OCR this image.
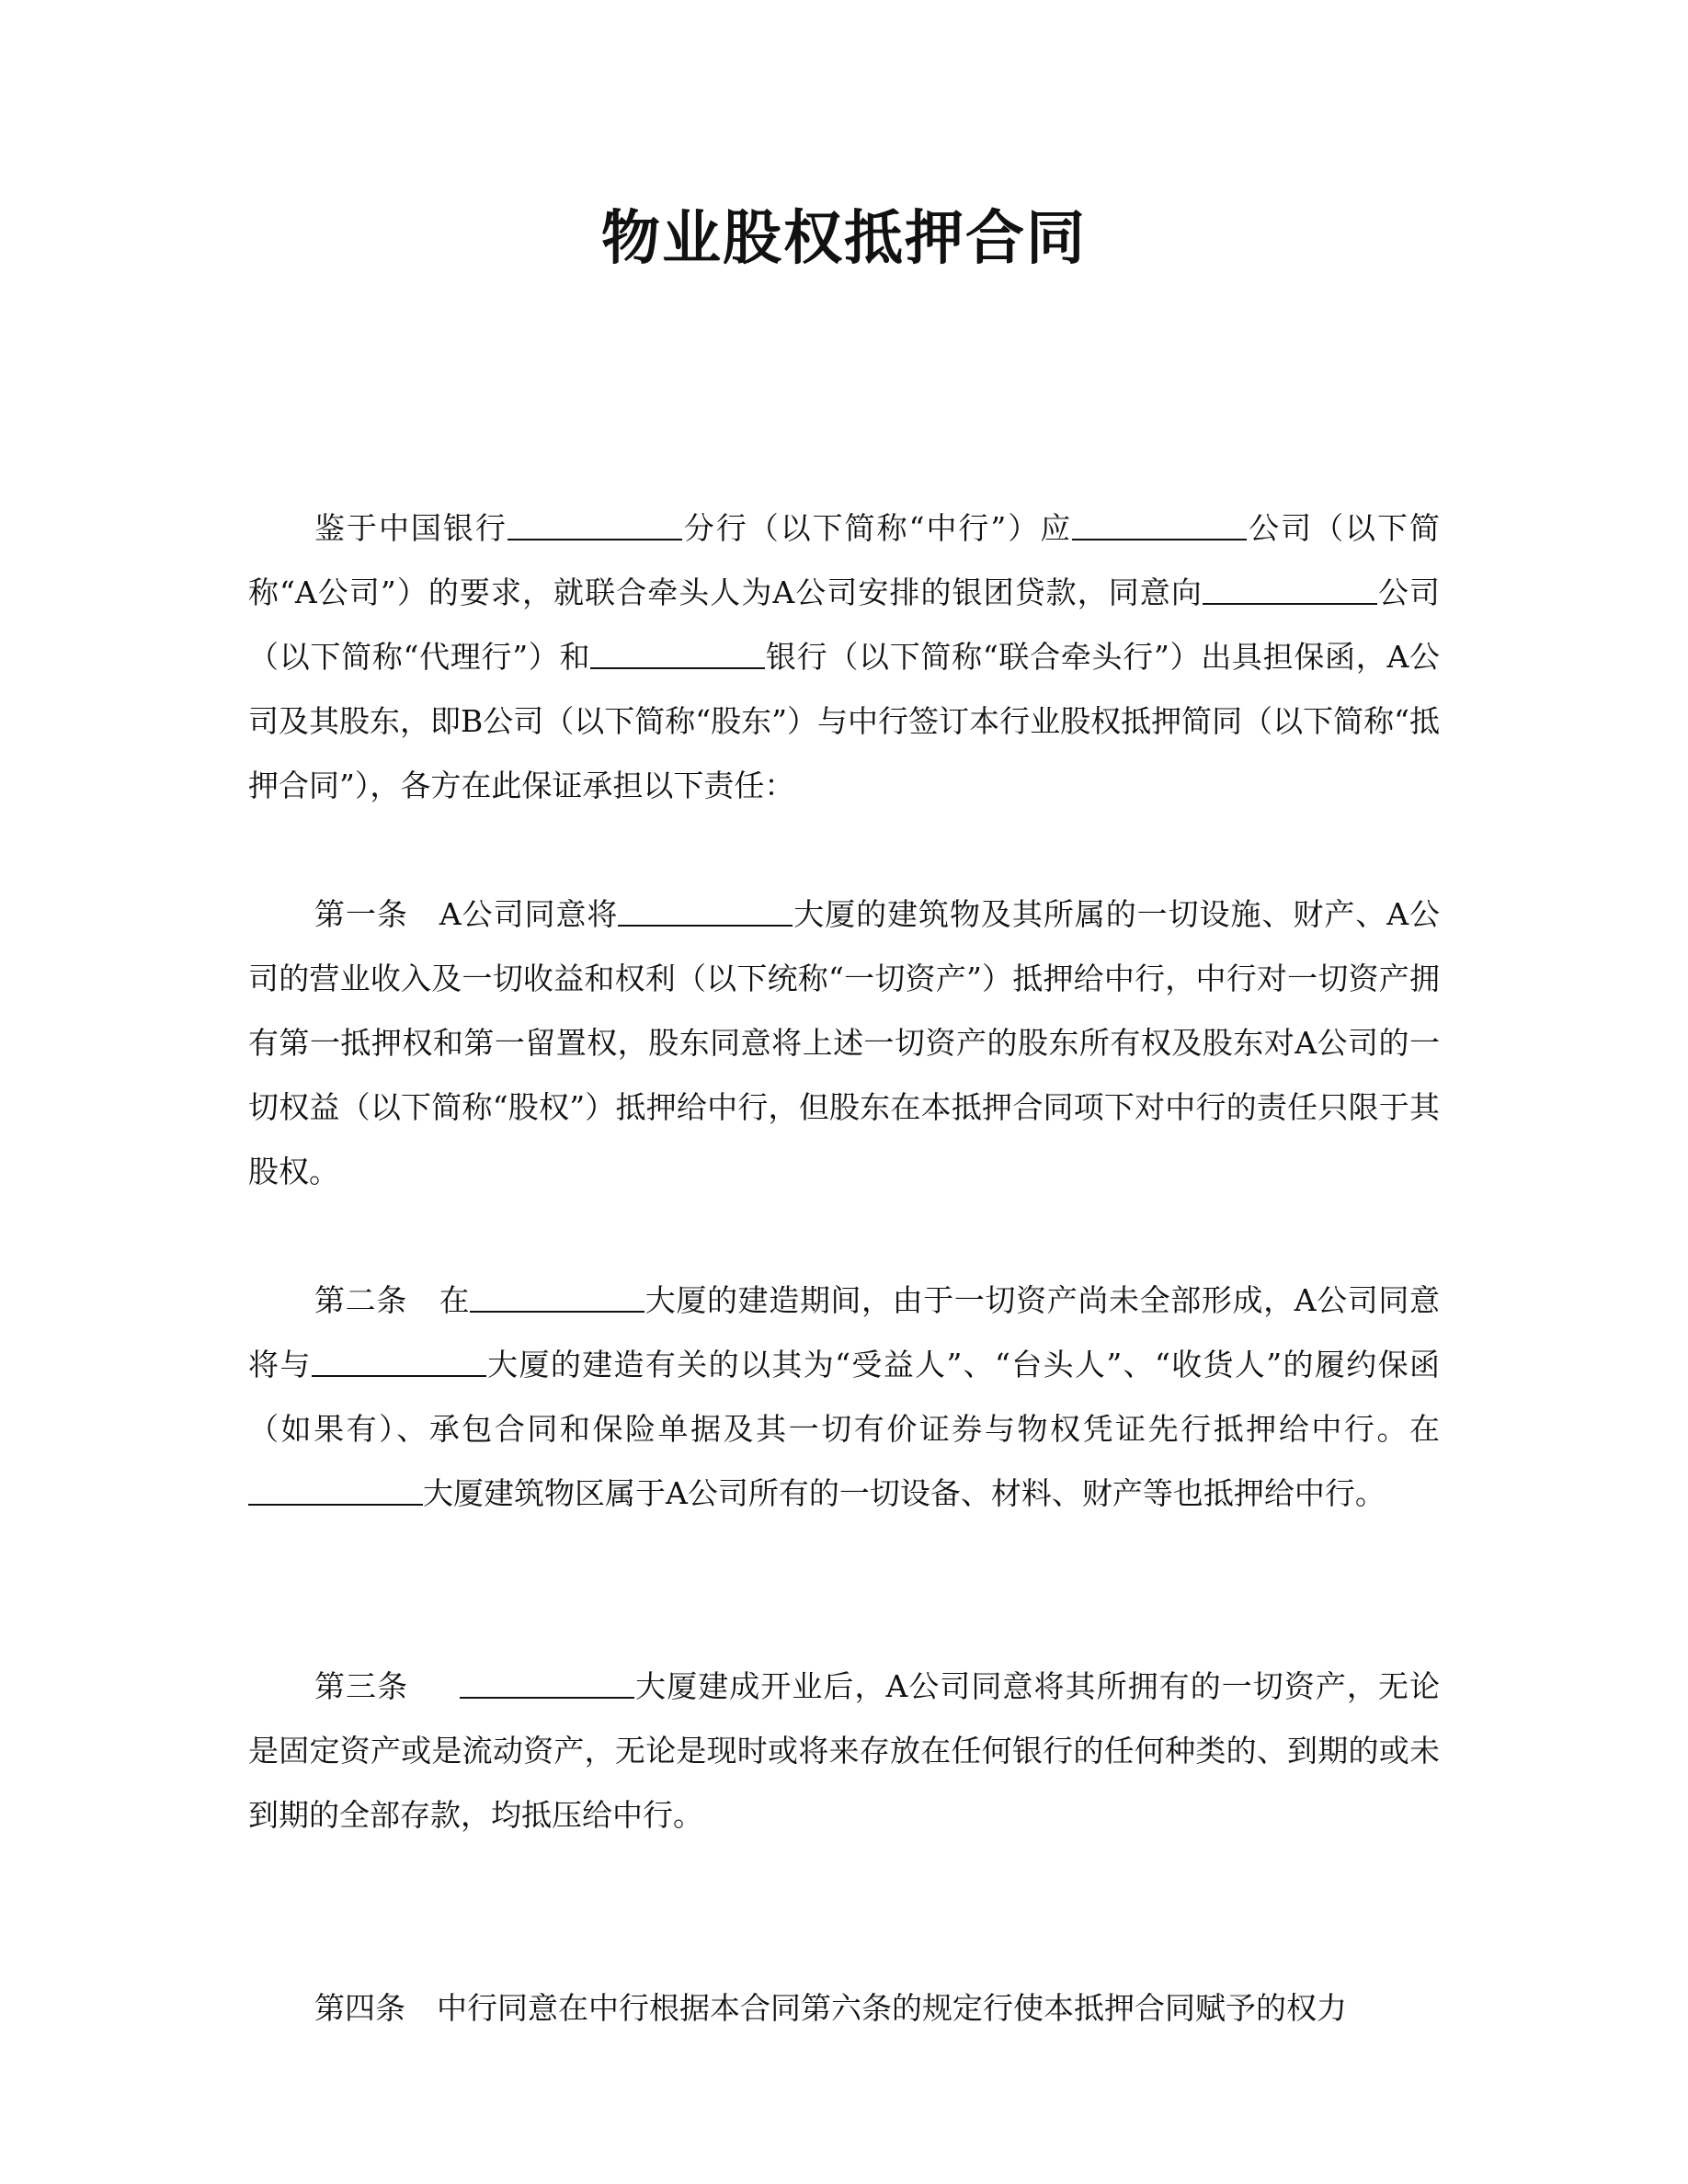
物业股权抵押合同

鉴于中国银行	分行（以下简称“中行”）应	公司（以下简称“A公司”）的要求，就联合牵头人为A公司安排的银团贷款，同意向	公司（以下简称“代理行”）和	银行（以下简称“联合牵头行”）出具担保函，A公司及其股东，即B公司（以下简称“股东”）与中行签订本行业股权抵押简同（以下简称“抵押合同”），各方在此保证承担以下责任：

第一条 A公司同意将	大厦的建筑物及其所属的一切设施、财产、A公司的营业收入及一切收益和权利（以下统称“一切资产”）抵押给中行，中行对一切资产拥有第一抵押权和第一留置权，股东同意将上述一切资产的股东所有权及股东对A公司的一切权益（以下简称“股权”）抵押给中行，但股东在本抵押合同项下对中行的责任只限于其股权。

第二条 在	大厦的建造期间，由于一切资产尚未全部形成，A公司同意将与	大厦的建造有关的以其为“受益人”、“台头人”、“收货人”的履约保函（如果有）、承包合同和保险单据及其一切有价证券与物权凭证先行抵押给中行。在大厦建筑物区属于A公司所有的一切设备、材料、财产等也抵押给中行。

第三条	大厦建成开业后，A公司同意将其所拥有的一切资产，无论是固定资产或是流动资产，无论是现时或将来存放在任何银行的任何种类的、到期的或未到期的全部存款，均抵压给中行。

第四条 中行同意在中行根据本合同第六条的规定行使本抵押合同赋予的权力
